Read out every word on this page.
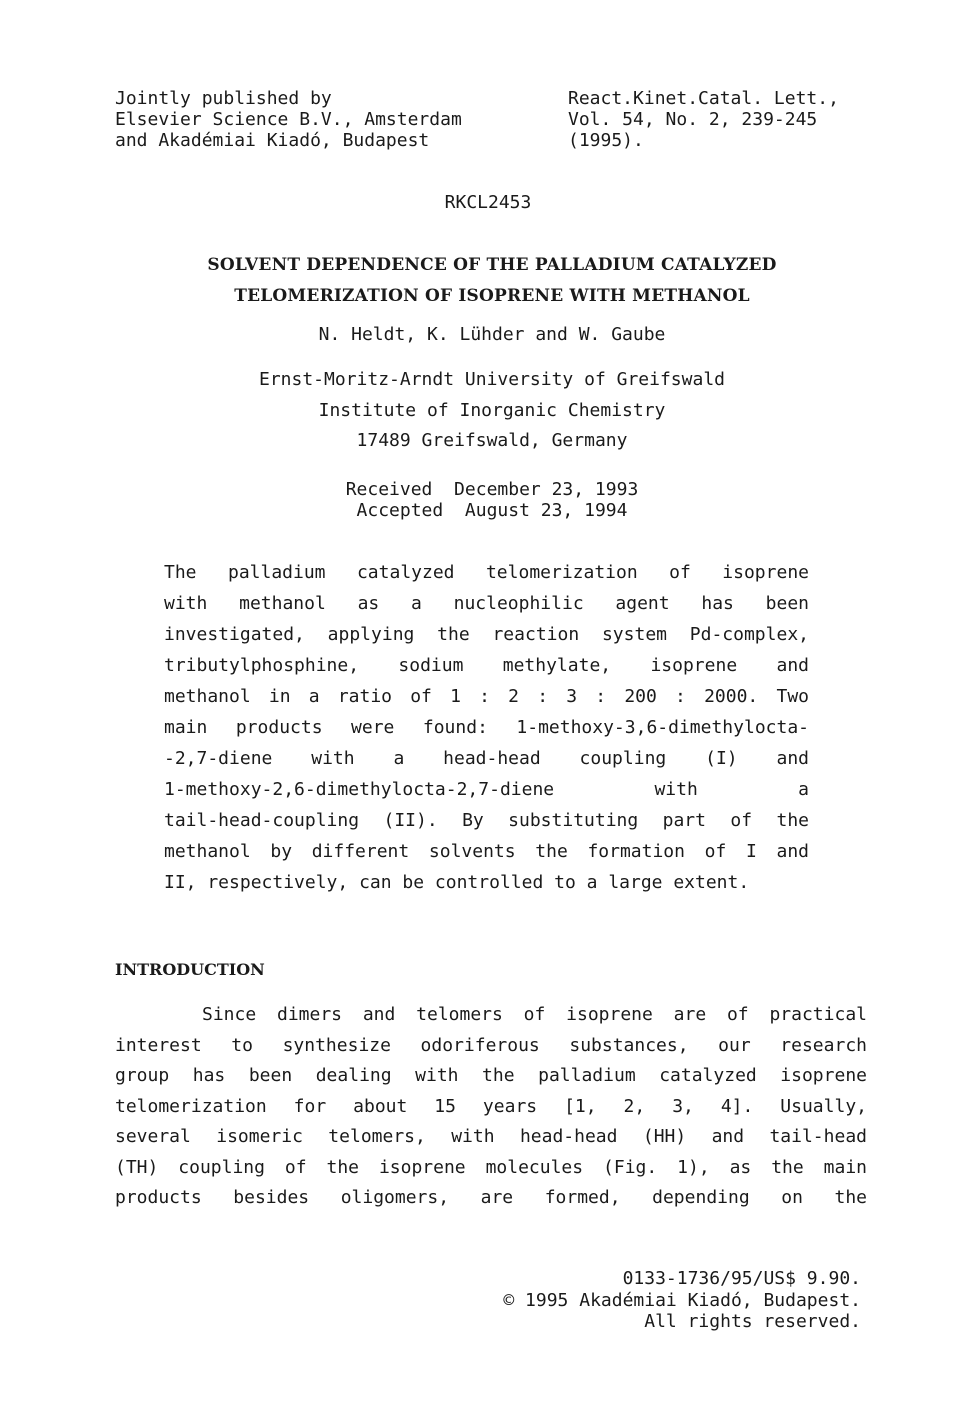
Jointly published by
Elsevier Science B.V., Amsterdam
and Akadémiai Kiadó, Budapest
React.Kinet.Catal. Lett.,
Vol. 54, No. 2, 239-245
(1995).
RKCL2453
SOLVENT DEPENDENCE OF THE PALLADIUM CATALYZED
TELOMERIZATION OF ISOPRENE WITH METHANOL
N. Heldt, K. Lühder and W. Gaube
Ernst-Moritz-Arndt University of Greifswald
Institute of Inorganic Chemistry
17489 Greifswald, Germany
Received  December 23, 1993
Accepted  August 23, 1994
The palladium catalyzed telomerization of isoprene
with methanol as a nucleophilic agent has been
investigated, applying the reaction system Pd-complex,
tributylphosphine, sodium methylate, isoprene and
methanol in a ratio of 1 : 2 : 3 : 200 : 2000. Two
main products were found: 1-methoxy-3,6-dimethylocta-
-2,7-diene with a head-head coupling (I) and
1-methoxy-2,6-dimethylocta-2,7-diene with a
tail-head-coupling (II). By substituting part of the
methanol by different solvents the formation of I and
II, respectively, can be controlled to a large extent.
INTRODUCTION
Since dimers and telomers of isoprene are of practical
interest to synthesize odoriferous substances, our research
group has been dealing with the palladium catalyzed isoprene
telomerization for about 15 years [1, 2, 3, 4]. Usually,
several isomeric telomers, with head-head (HH) and tail-head
(TH) coupling of the isoprene molecules (Fig. 1), as the main
products besides oligomers, are formed, depending on the
0133-1736/95/US$ 9.90.
© 1995 Akadémiai Kiadó, Budapest.
All rights reserved.
